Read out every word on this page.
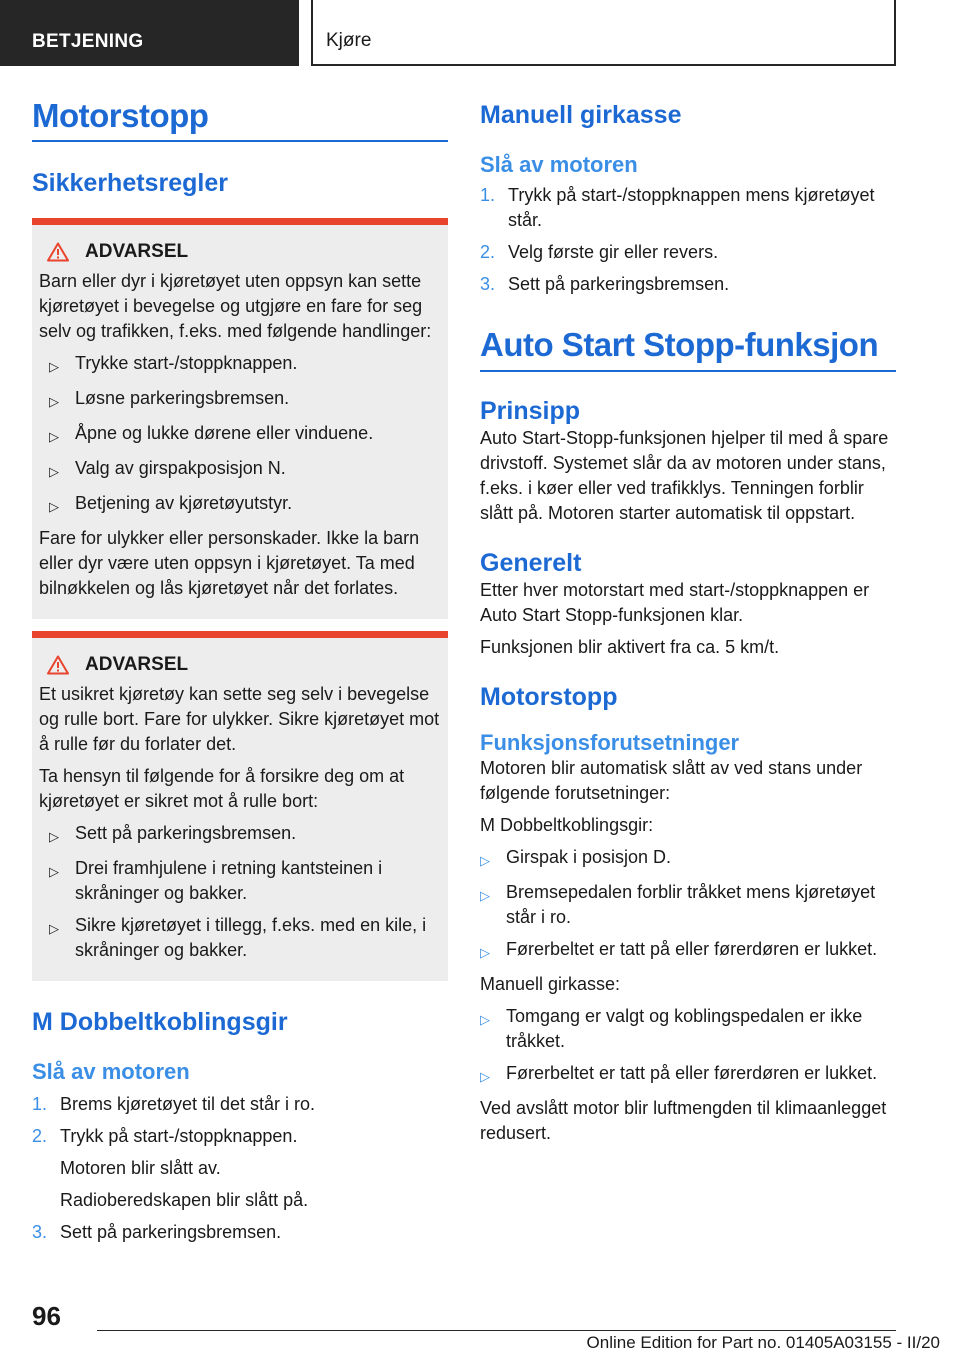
BETJENING	Kjøre
Motorstopp
Sikkerhetsregler
ADVARSEL
Barn eller dyr i kjøretøyet uten oppsyn kan sette kjøretøyet i bevegelse og utgjøre en fare for seg selv og trafikken, f.eks. med følgende handlinger:
▷ Trykke start-/stoppknappen.
▷ Løsne parkeringsbremsen.
▷ Åpne og lukke dørene eller vinduene.
▷ Valg av girspakposisjon N.
▷ Betjening av kjøretøyutstyr.
Fare for ulykker eller personskader. Ikke la barn eller dyr være uten oppsyn i kjøretøyet. Ta med bilnøkkelen og lås kjøretøyet når det forlates.
ADVARSEL
Et usikret kjøretøy kan sette seg selv i bevegelse og rulle bort. Fare for ulykker. Sikre kjøretøyet mot å rulle før du forlater det.
Ta hensyn til følgende for å forsikre deg om at kjøretøyet er sikret mot å rulle bort:
▷ Sett på parkeringsbremsen.
▷ Drei framhjulene i retning kantsteinen i skråninger og bakker.
▷ Sikre kjøretøyet i tillegg, f.eks. med en kile, i skråninger og bakker.
M Dobbeltkoblingsgir
Slå av motoren
1. Brems kjøretøyet til det står i ro.
2. Trykk på start-/stoppknappen.
Motoren blir slått av.
Radioberedskapen blir slått på.
3. Sett på parkeringsbremsen.
Manuell girkasse
Slå av motoren
1. Trykk på start-/stoppknappen mens kjøretøyet står.
2. Velg første gir eller revers.
3. Sett på parkeringsbremsen.
Auto Start Stopp-funksjon
Prinsipp
Auto Start-Stopp-funksjonen hjelper til med å spare drivstoff. Systemet slår da av motoren under stans, f.eks. i køer eller ved trafikklys. Tenningen forblir slått på. Motoren starter automatisk til oppstart.
Generelt
Etter hver motorstart med start-/stoppknappen er Auto Start Stopp-funksjonen klar.
Funksjonen blir aktivert fra ca. 5 km/t.
Motorstopp
Funksjonsforutsetninger
Motoren blir automatisk slått av ved stans under følgende forutsetninger:
M Dobbeltkoblingsgir:
▷ Girspak i posisjon D.
▷ Bremsepedalen forblir tråkket mens kjøretøyet står i ro.
▷ Førerbeltet er tatt på eller førerdøren er lukket.
Manuell girkasse:
▷ Tomgang er valgt og koblingspedalen er ikke tråkket.
▷ Førerbeltet er tatt på eller førerdøren er lukket.
Ved avslått motor blir luftmengden til klimaanlegget redusert.
96
Online Edition for Part no. 01405A03155 - II/20
